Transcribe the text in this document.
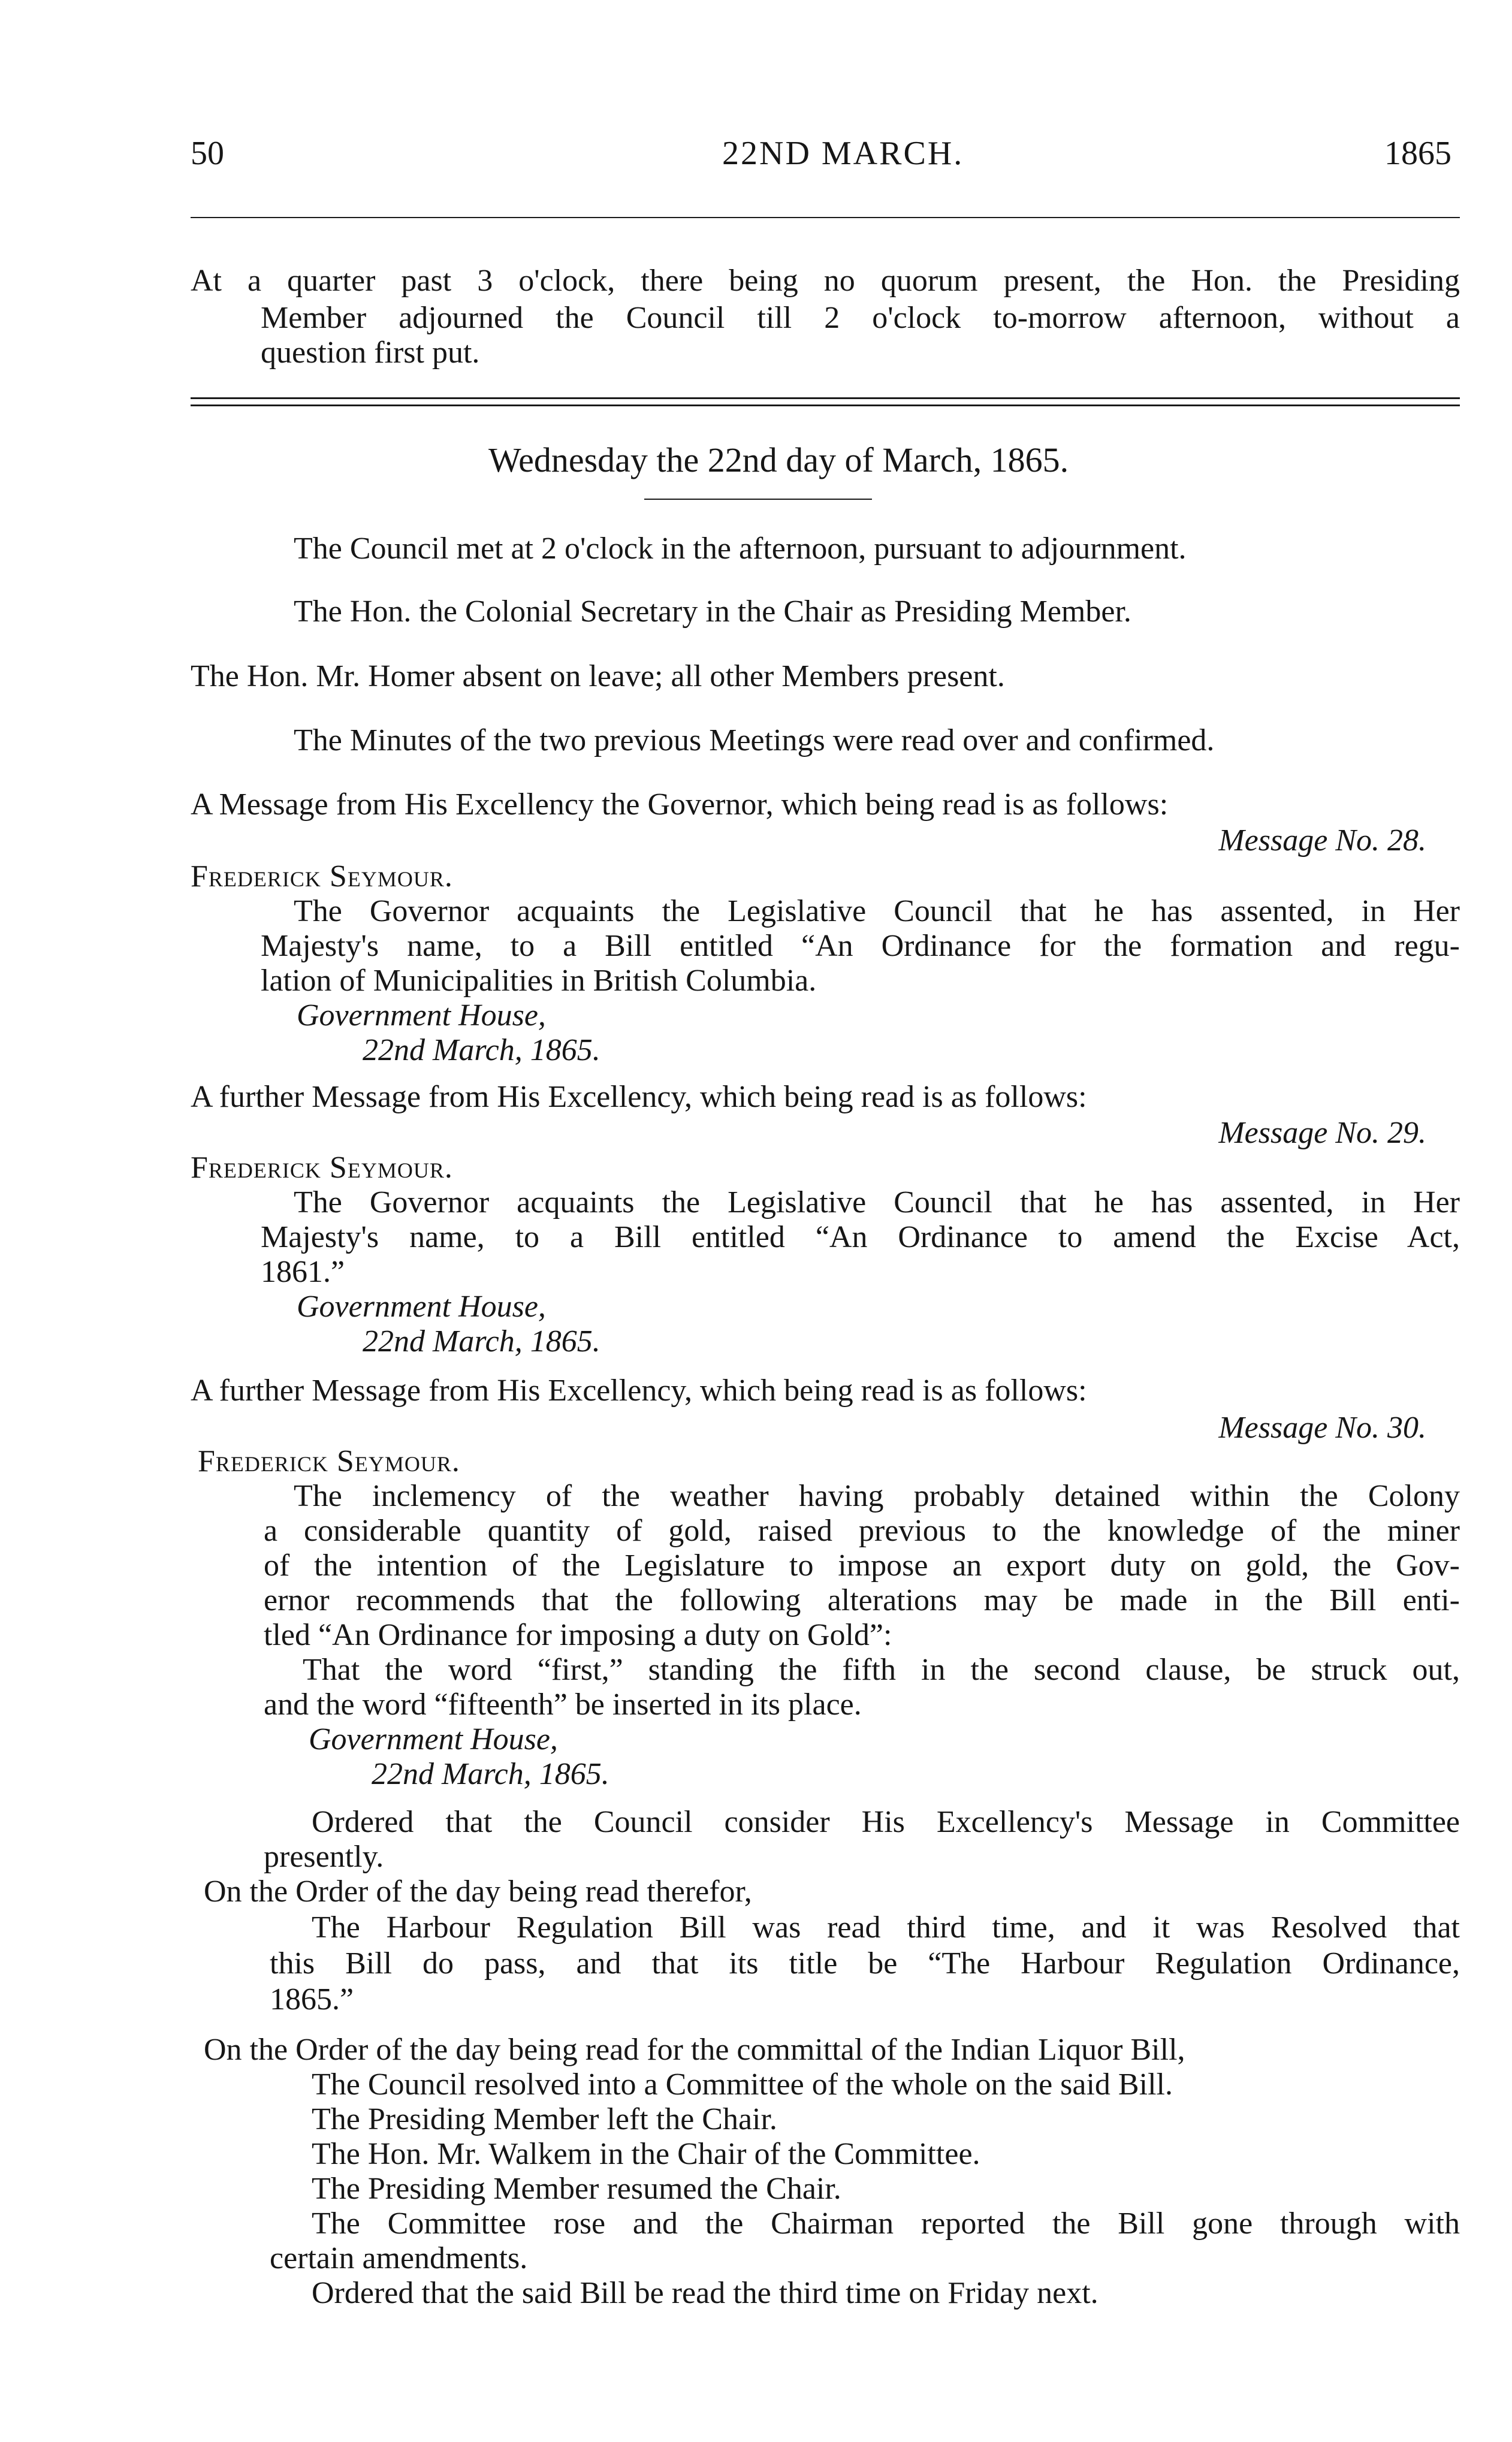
50	22ND MARCH.	1865
At a quarter past 3 o'clock, there being no quorum present, the Hon. the Presiding
Member adjourned the Council till 2 o'clock to-morrow afternoon, without a
question first put.
Wednesday the 22nd day of March, 1865.
The Council met at 2 o'clock in the afternoon, pursuant to adjournment.
The Hon. the Colonial Secretary in the Chair as Presiding Member.
The Hon. Mr. Homer absent on leave; all other Members present.
The Minutes of the two previous Meetings were read over and confirmed.
A Message from His Excellency the Governor, which being read is as follows:
Message No. 28.
Frederick Seymour.
The Governor acquaints the Legislative Council that he has assented, in Her
Majesty's name, to a Bill entitled “An Ordinance for the formation and regu-
lation of Municipalities in British Columbia.
Government House,
22nd March, 1865.
A further Message from His Excellency, which being read is as follows:
Message No. 29.
Frederick Seymour.
The Governor acquaints the Legislative Council that he has assented, in Her
Majesty's name, to a Bill entitled “An Ordinance to amend the Excise Act,
1861.”
Government House,
22nd March, 1865.
A further Message from His Excellency, which being read is as follows:
Message No. 30.
Frederick Seymour.
The inclemency of the weather having probably detained within the Colony
a considerable quantity of gold, raised previous to the knowledge of the miner
of the intention of the Legislature to impose an export duty on gold, the Gov-
ernor recommends that the following alterations may be made in the Bill enti-
tled “An Ordinance for imposing a duty on Gold”:
That the word “first,” standing the fifth in the second clause, be struck out,
and the word “fifteenth” be inserted in its place.
Government House,
22nd March, 1865.
Ordered that the Council consider His Excellency's Message in Committee
presently.
On the Order of the day being read therefor,
The Harbour Regulation Bill was read third time, and it was Resolved that
this Bill do pass, and that its title be “The Harbour Regulation Ordinance,
1865.”
On the Order of the day being read for the committal of the Indian Liquor Bill,
The Council resolved into a Committee of the whole on the said Bill.
The Presiding Member left the Chair.
The Hon. Mr. Walkem in the Chair of the Committee.
The Presiding Member resumed the Chair.
The Committee rose and the Chairman reported the Bill gone through with
certain amendments.
Ordered that the said Bill be read the third time on Friday next.
